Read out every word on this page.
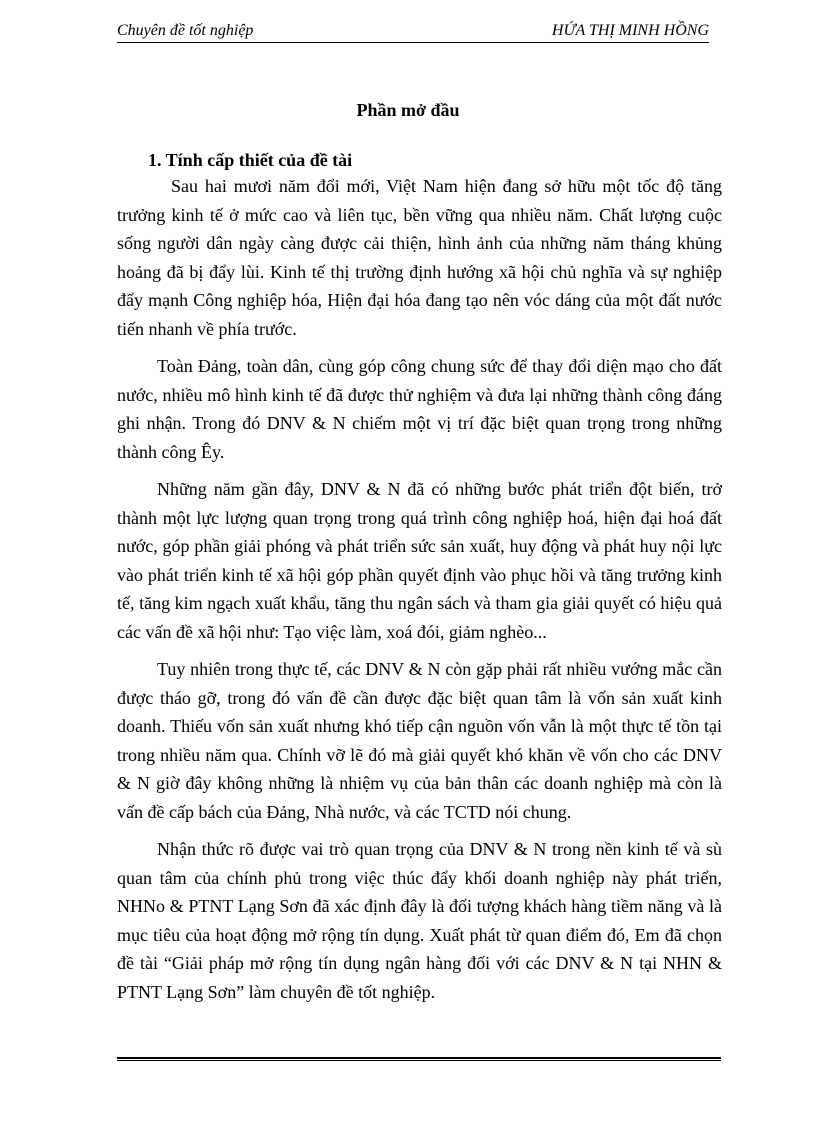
Chuyên đề tốt nghiệp	HỨA THỊ MINH HỒNG
Phần mở đầu
1. Tính cấp thiết của đề tài

Sau hai mươi năm đổi mới, Việt Nam hiện đang sở hữu một tốc độ tăng trưởng kinh tế ở mức cao và liên tục, bền vững qua nhiều năm. Chất lượng cuộc sống người dân ngày càng được cải thiện, hình ảnh của những năm tháng khủng hoảng đã bị đẩy lùi. Kinh tế thị trường định hướng xã hội chủ nghĩa và sự nghiệp đẩy mạnh Công nghiệp hóa, Hiện đại hóa đang tạo nên vóc dáng của một đất nước tiến nhanh về phía trước.

Toàn Đảng, toàn dân, cùng góp công chung sức để thay đổi diện mạo cho đất nước, nhiều mô hình kinh tế đã được thử nghiệm và đưa lại những thành công đáng ghi nhận. Trong đó DNV & N chiếm một vị trí đặc biệt quan trọng trong những thành công Êy.

Những năm gần đây, DNV & N đã có những bước phát triển đột biến, trở thành một lực lượng quan trọng trong quá trình công nghiệp hoá, hiện đại hoá đất nước, góp phần giải phóng và phát triển sức sản xuất, huy động và phát huy nội lực vào phát triển kinh tế xã hội góp phần quyết định vào phục hồi và tăng trưởng kinh tế, tăng kim ngạch xuất khẩu, tăng thu ngân sách và tham gia giải quyết có hiệu quả các vấn đề xã hội như: Tạo việc làm, xoá đói, giảm nghèo...

Tuy nhiên trong thực tế, các DNV & N còn gặp phải rất nhiều vướng mắc cần được tháo gỡ, trong đó vấn đề cần được đặc biệt quan tâm là vốn sản xuất kinh doanh. Thiếu vốn sản xuất nhưng khó tiếp cận nguồn vốn vẫn là một thực tế tồn tại trong nhiều năm qua. Chính vỡ lẽ đó mà giải quyết khó khăn về vốn cho các DNV & N giờ đây không những là nhiệm vụ của bản thân các doanh nghiệp mà còn là vấn đề cấp bách của Đảng, Nhà nước, và các TCTD nói chung.

Nhận thức rõ được vai trò quan trọng của DNV & N trong nền kinh tế và sù quan tâm của chính phủ trong việc thúc đẩy khối doanh nghiệp này phát triển, NHNo & PTNT Lạng Sơn đã xác định đây là đối tượng khách hàng tiềm năng và là mục tiêu của hoạt động mở rộng tín dụng. Xuất phát từ quan điểm đó, Em đã chọn đề tài “Giải pháp mở rộng tín dụng ngân hàng đối với các DNV & N tại NHN & PTNT Lạng Sơn” làm chuyên đề tốt nghiệp.
